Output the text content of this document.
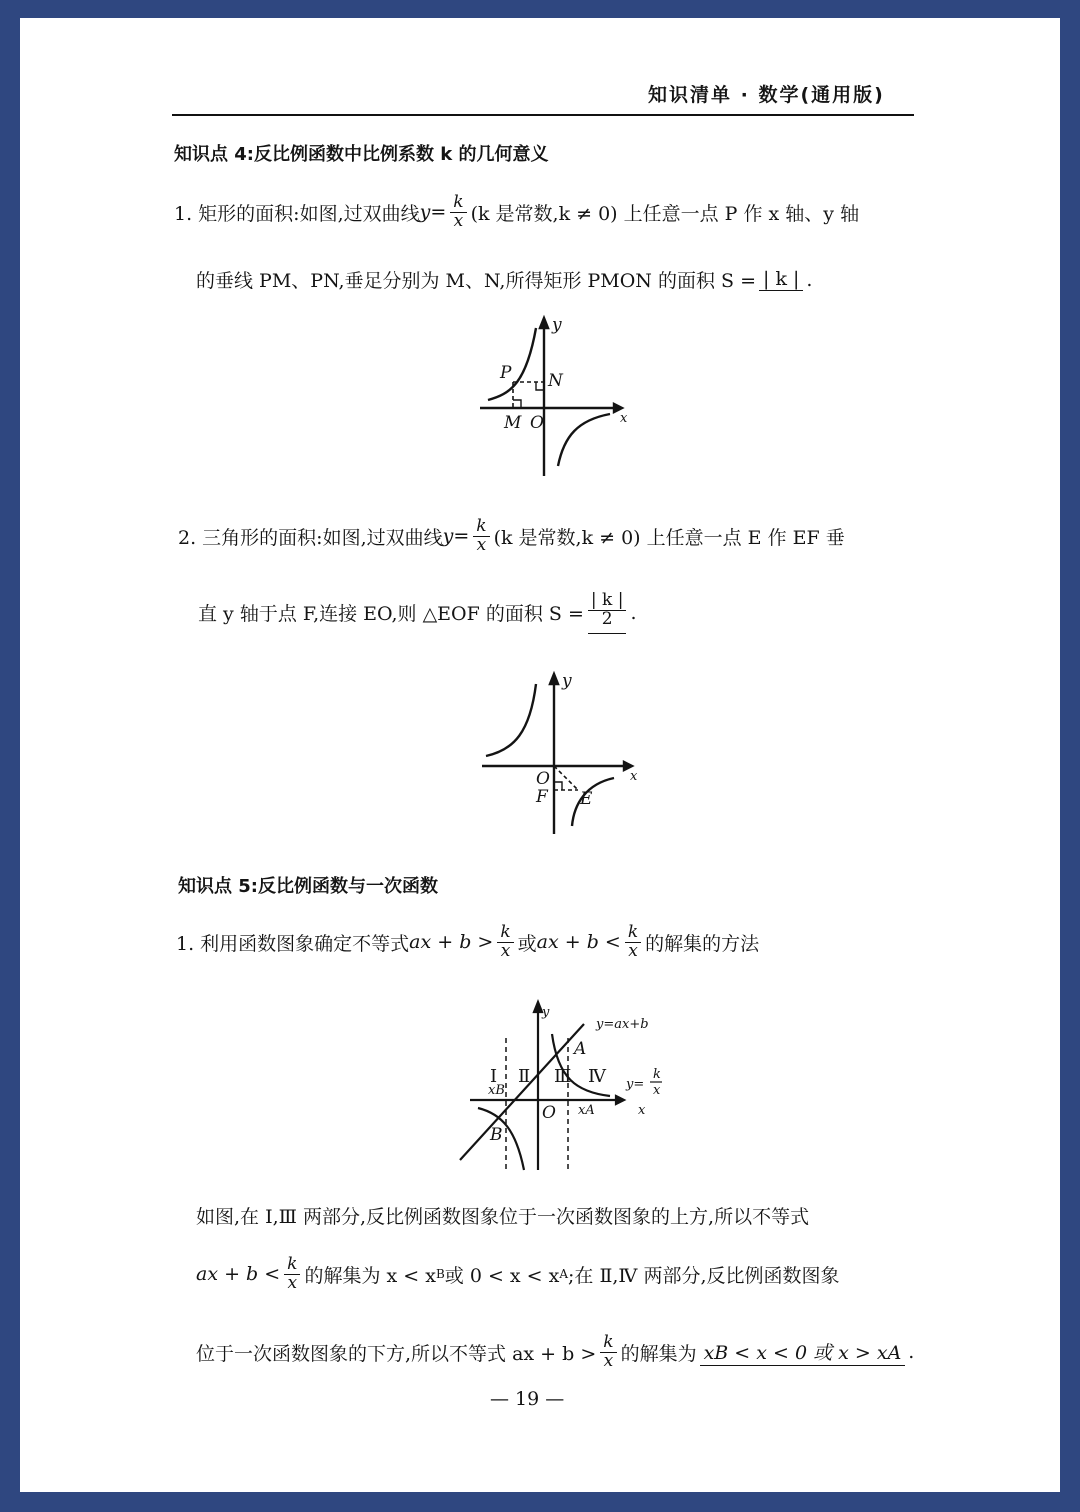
知识清单 · 数学(通用版)
知识点 4:反比例函数中比例系数 k 的几何意义
1. 矩形的面积:如图,过双曲线 $y = \frac{k}{x} (k$ 是常数,k ≠ 0) 上任意一点 P 作 x 轴、y 轴
的垂线 PM、PN,垂足分别为 M、N,所得矩形 PMON 的面积 S = | k | .
y
x
P N
M O
2. 三角形的面积:如图,过双曲线 $y = \frac{k}{x} (k$ 是常数,k ≠ 0) 上任意一点 E 作 EF 垂
直 y 轴于点 F,连接 EO,则 △EOF 的面积 $S = \frac{| k |}{2}$ .
y
x
O
F E
知识点 5:反比例函数与一次函数
1. 利用函数图象确定不等式 ax + $b > \frac{k}{x}$ 或 ax + $b < \frac{k}{x}$ 的解集的方法
y
x
O
A
B
y=ax+b
y=
k
x
xA
xB
Ⅰ Ⅱ Ⅲ Ⅳ
如图,在 Ⅰ,Ⅲ 两部分,反比例函数图象位于一次函数图象的上方,所以不等式
ax + $b < \frac{k}{x}$ 的解集为 x < x B 或 0 < x < x A ;在 Ⅱ,Ⅳ 两部分,反比例函数图象
位于一次函数图象的下方,所以不等式 ax + $b > \frac{k}{x}$ 的解集为 xB < x < 0 或 x > xA .
— 19 —
